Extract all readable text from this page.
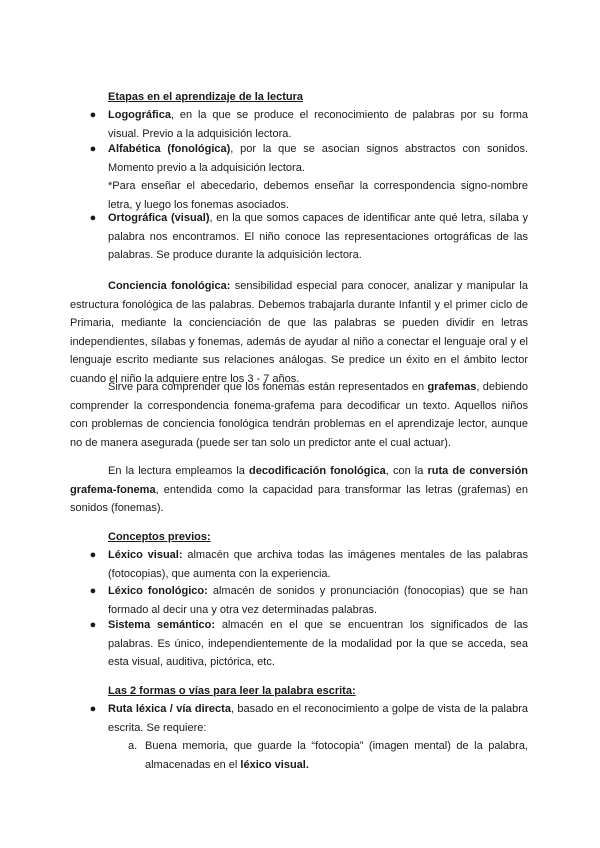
Etapas en el aprendizaje de la lectura
● Logográfica, en la que se produce el reconocimiento de palabras por su forma visual. Previo a la adquisición lectora.
● Alfabética (fonológica), por la que se asocian signos abstractos con sonidos. Momento previo a la adquisición lectora.
*Para enseñar el abecedario, debemos enseñar la correspondencia signo-nombre letra, y luego los fonemas asociados.
● Ortográfica (visual), en la que somos capaces de identificar ante qué letra, sílaba y palabra nos encontramos. El niño conoce las representaciones ortográficas de las palabras. Se produce durante la adquisición lectora.
Conciencia fonológica: sensibilidad especial para conocer, analizar y manipular la estructura fonológica de las palabras. Debemos trabajarla durante Infantil y el primer ciclo de Primaria, mediante la concienciación de que las palabras se pueden dividir en letras independientes, sílabas y fonemas, además de ayudar al niño a conectar el lenguaje oral y el lenguaje escrito mediante sus relaciones análogas. Se predice un éxito en el ámbito lector cuando el niño la adquiere entre los 3 - 7 años.
Sirve para comprender que los fonemas están representados en grafemas, debiendo comprender la correspondencia fonema-grafema para decodificar un texto. Aquellos niños con problemas de conciencia fonológica tendrán problemas en el aprendizaje lector, aunque no de manera asegurada (puede ser tan solo un predictor ante el cual actuar).
En la lectura empleamos la decodificación fonológica, con la ruta de conversión grafema-fonema, entendida como la capacidad para transformar las letras (grafemas) en sonidos (fonemas).
Conceptos previos:
● Léxico visual: almacén que archiva todas las imágenes mentales de las palabras (fotocopias), que aumenta con la experiencia.
● Léxico fonológico: almacén de sonidos y pronunciación (fonocopias) que se han formado al decir una y otra vez determinadas palabras.
● Sistema semántico: almacén en el que se encuentran los significados de las palabras. Es único, independientemente de la modalidad por la que se acceda, sea esta visual, auditiva, pictórica, etc.
Las 2 formas o vías para leer la palabra escrita:
● Ruta léxica / vía directa, basado en el reconocimiento a golpe de vista de la palabra escrita. Se requiere:
a. Buena memoria, que guarde la “fotocopia” (imagen mental) de la palabra, almacenadas en el léxico visual.
